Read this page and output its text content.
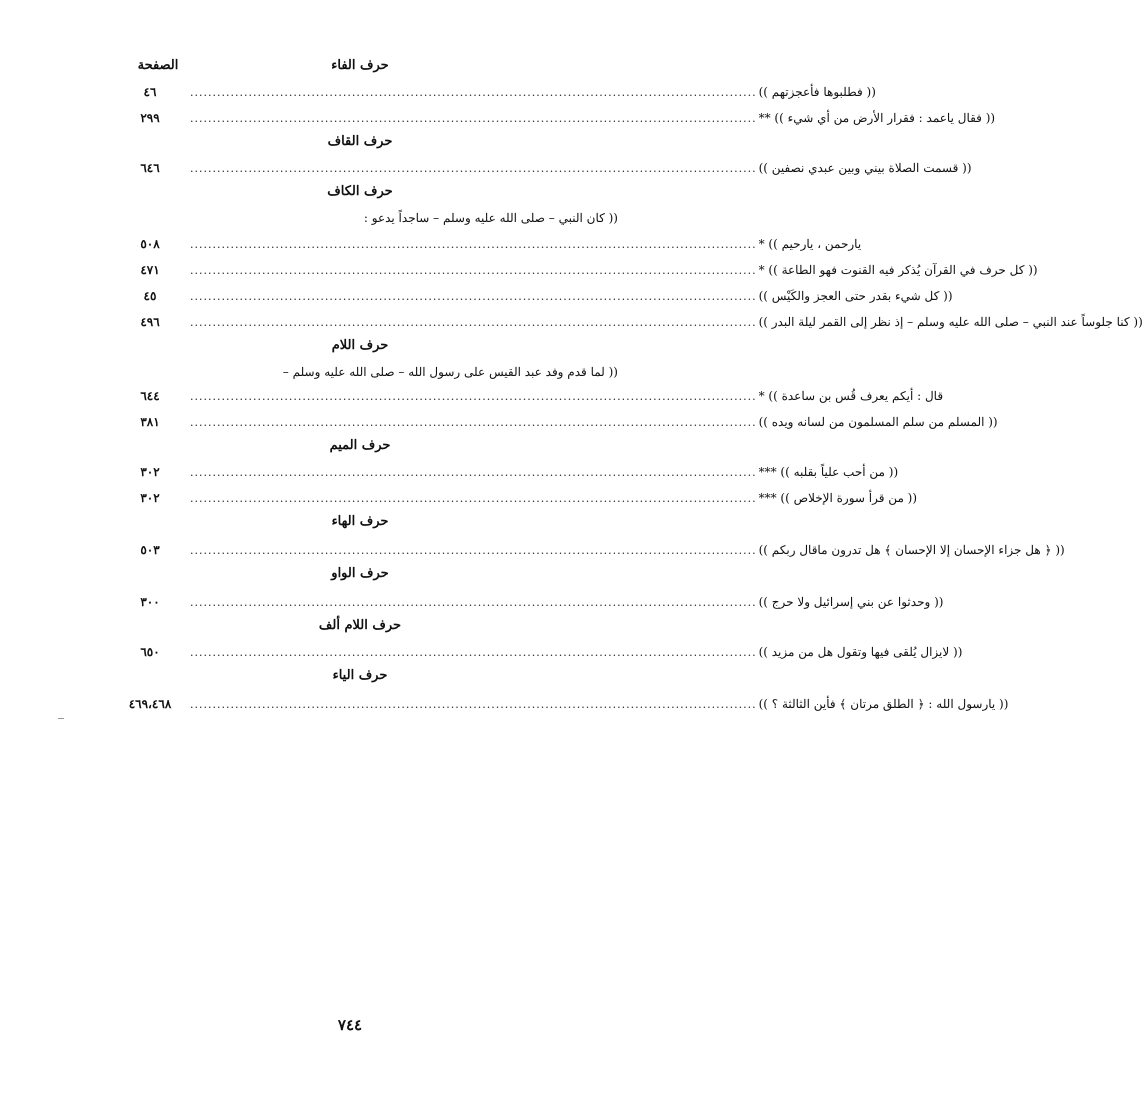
الصفحة	حرف الفاء
٤٦	(( فطلبوها فأعجزتهم ))
..............................................................................................................................
٢٩٩	(( فقال ياعمد : فقرار الأرض من أي شيء )) **
..............................................................................................................................
حرف القاف
٦٤٦	(( قسمت الصلاة بيني وبين عبدي نصفين ))
..............................................................................................................................
حرف الكاف
(( كان النبي – صلى الله عليه وسلم – ساجداً يدعو :
٥٠٨	يارحمن ، يارحيم )) *
..............................................................................................................................
٤٧١	(( كل حرف في القرآن يُذكر فيه القنوت فهو الطاعة )) *
..............................................................................................................................
٤٥	(( كل شيء بقدر حتى العجز والكَيْس ))
..............................................................................................................................
٤٩٦	(( كنا جلوساً عند النبي – صلى الله عليه وسلم – إذ نظر إلى القمر ليلة البدر ))
..............................................................................................................................
حرف اللام
(( لما قدم وفد عبد القيس على رسول الله – صلى الله عليه وسلم –
٦٤٤	قال : أيكم يعرف قُس بن ساعدة )) *
..............................................................................................................................
٣٨١	(( المسلم من سلم المسلمون من لسانه ويده ))
..............................................................................................................................
حرف الميم
٣٠٢	(( من أحب علياً بقلبه )) ***
..............................................................................................................................
٣٠٢	(( من قرأ سورة الإخلاص )) ***
..............................................................................................................................
حرف الهاء
٥٠٣	(( ﴿ هل جزاء الإحسان إلا الإحسان ﴾ هل تدرون ماقال ربكم ))
..............................................................................................................................
حرف الواو
٣٠٠	(( وحدثوا عن بني إسرائيل ولا حرج ))
..............................................................................................................................
حرف اللام ألف
٦٥٠	(( لايزال يُلقى فيها وتقول هل من مزيد ))
..............................................................................................................................
حرف الياء
٤٦٩،٤٦٨	(( يارسول الله : ﴿ الطلق مرتان ﴾ فأين الثالثة ؟ ))
..............................................................................................................................
٧٤٤
